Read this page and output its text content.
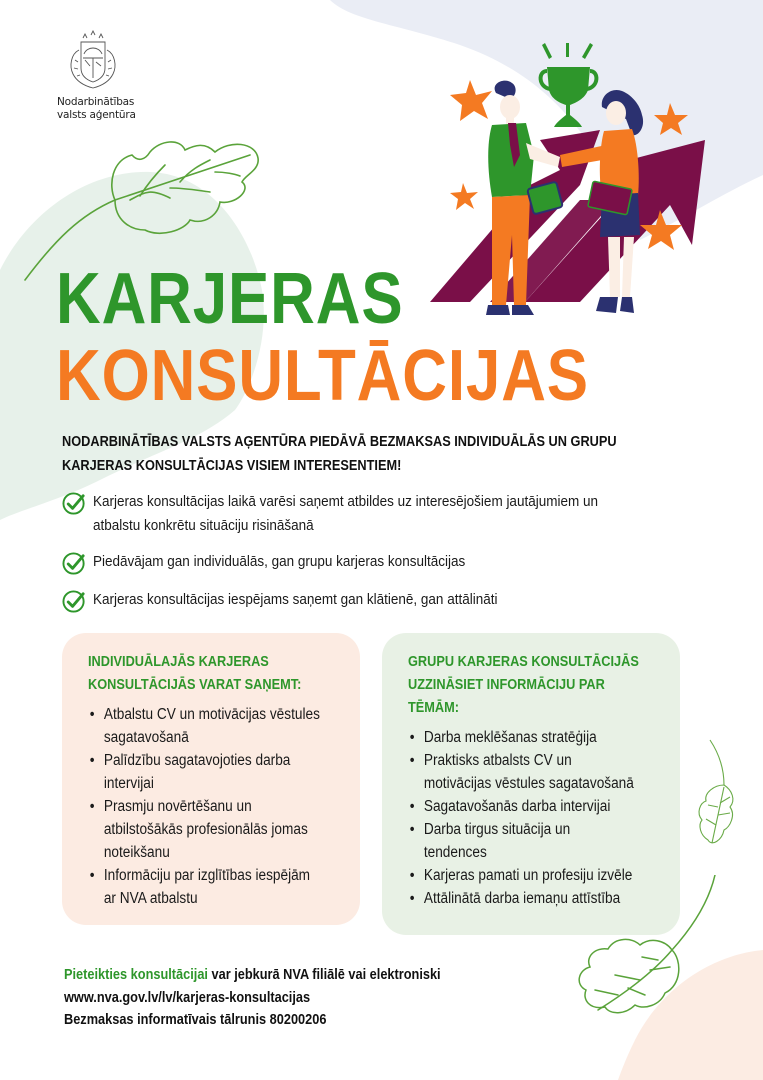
Nodarbinātības
valsts aģentūra
KARJERAS
KONSULTĀCIJAS
NODARBINĀTĪBAS VALSTS AĢENTŪRA PIEDĀVĀ BEZMAKSAS INDIVIDUĀLĀS UN GRUPU
KARJERAS KONSULTĀCIJAS VISIEM INTERESENTIEM!
Karjeras konsultācijas laikā varēsi saņemt atbildes uz interesējošiem jautājumiem un
atbalstu konkrētu situāciju risināšanā
Piedāvājam gan individuālās, gan grupu karjeras konsultācijas
Karjeras konsultācijas iespējams saņemt gan klātienē, gan attālināti
INDIVIDUĀLAJĀS KARJERAS
KONSULTĀCIJĀS VARAT SAŅEMT:
• Atbalstu CV un motivācijas vēstules
sagatavošanā
• Palīdzību sagatavojoties darba
intervijai
• Prasmju novērtēšanu un
atbilstošākās profesionālās jomas
noteikšanu
• Informāciju par izglītības iespējām
ar NVA atbalstu
GRUPU KARJERAS KONSULTĀCIJĀS
UZZINĀSIET INFORMĀCIJU PAR
TĒMĀM:
• Darba meklēšanas stratēģija
• Praktisks atbalsts CV un
motivācijas vēstules sagatavošanā
• Sagatavošanās darba intervijai
• Darba tirgus situācija un
tendences
• Karjeras pamati un profesiju izvēle
• Attālinātā darba iemaņu attīstība
Pieteikties konsultācijai var jebkurā NVA filiālē vai elektroniski
www.nva.gov.lv/lv/karjeras-konsultacijas
Bezmaksas informatīvais tālrunis 80200206
